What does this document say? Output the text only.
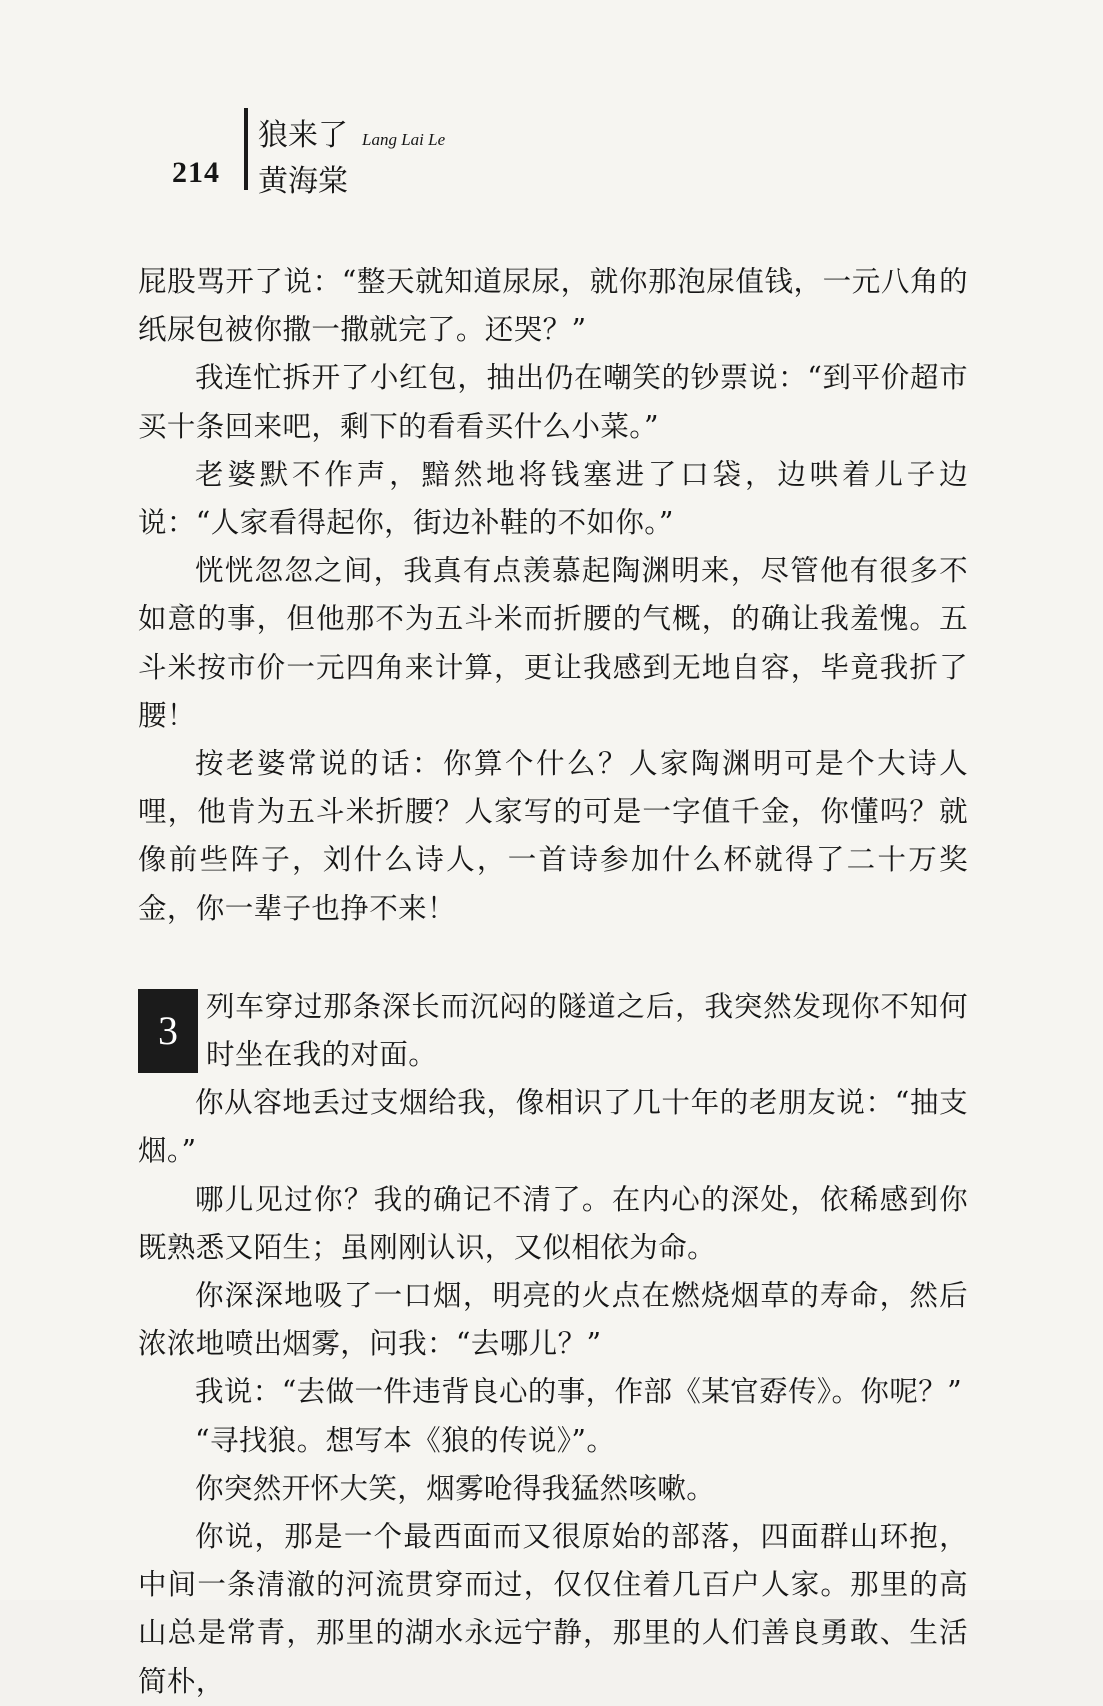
214
狼来了 Lang Lai Le
黄海棠

屁股骂开了说：“整天就知道尿尿，就你那泡尿值钱，一元八角的纸尿包被你撒一撒就完了。还哭？”

我连忙拆开了小红包，抽出仍在嘲笑的钞票说：“到平价超市买十条回来吧，剩下的看看买什么小菜。”

老婆默不作声，黯然地将钱塞进了口袋，边哄着儿子边说：“人家看得起你，街边补鞋的不如你。”

恍恍忽忽之间，我真有点羡慕起陶渊明来，尽管他有很多不如意的事，但他那不为五斗米而折腰的气概，的确让我羞愧。五斗米按市价一元四角来计算，更让我感到无地自容，毕竟我折了腰！

按老婆常说的话：你算个什么？人家陶渊明可是个大诗人哩，他肯为五斗米折腰？人家写的可是一字值千金，你懂吗？就像前些阵子，刘什么诗人，一首诗参加什么杯就得了二十万奖金，你一辈子也挣不来！

3

列车穿过那条深长而沉闷的隧道之后，我突然发现你不知何时坐在我的对面。

你从容地丢过支烟给我，像相识了几十年的老朋友说：“抽支烟。”

哪儿见过你？我的确记不清了。在内心的深处，依稀感到你既熟悉又陌生；虽刚刚认识，又似相依为命。

你深深地吸了一口烟，明亮的火点在燃烧烟草的寿命，然后浓浓地喷出烟雾，问我：“去哪儿？”

我说：“去做一件违背良心的事，作部《某官孬传》。你呢？”

“寻找狼。想写本《狼的传说》”。

你突然开怀大笑，烟雾呛得我猛然咳嗽。

你说，那是一个最西面而又很原始的部落，四面群山环抱，中间一条清澈的河流贯穿而过，仅仅住着几百户人家。那里的高山总是常青，那里的湖水永远宁静，那里的人们善良勇敢、生活简朴，
